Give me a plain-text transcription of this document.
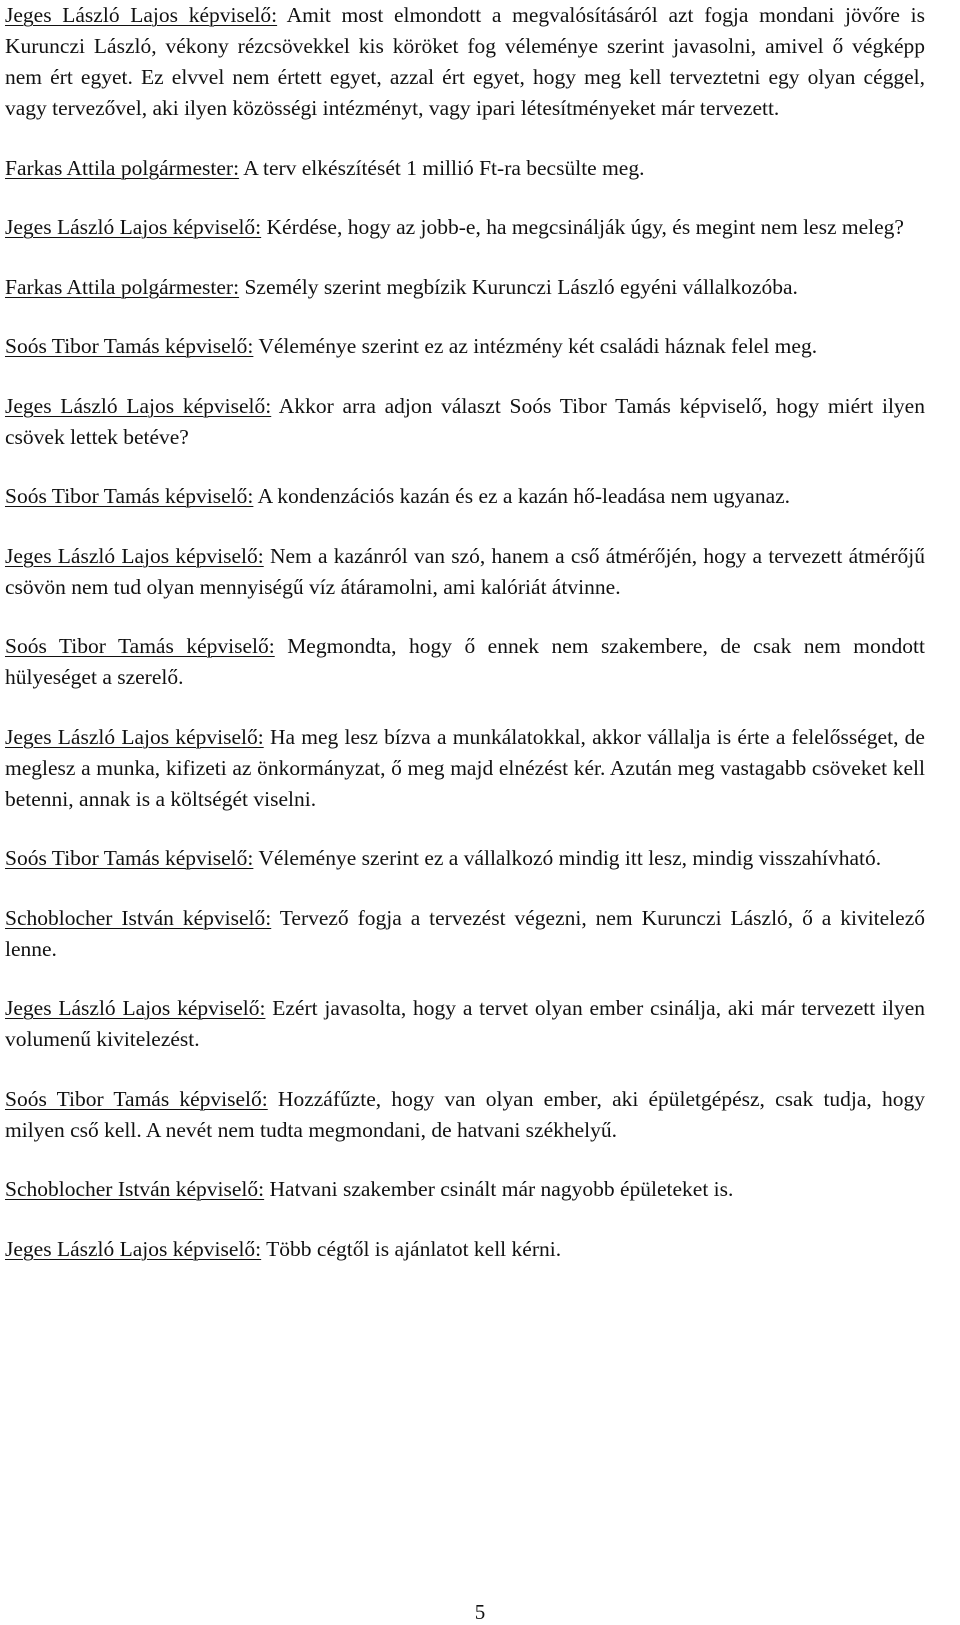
Jeges László Lajos képviselő: Amit most elmondott a megvalósításáról azt fogja mondani jövőre is Kurunczi László, vékony rézcsövekkel kis köröket fog véleménye szerint javasolni, amivel ő végképp nem ért egyet. Ez elvvel nem értett egyet, azzal ért egyet, hogy meg kell terveztetni egy olyan céggel, vagy tervezővel, aki ilyen közösségi intézményt, vagy ipari létesítményeket már tervezett.

Farkas Attila polgármester: A terv elkészítését 1 millió Ft-ra becsülte meg.

Jeges László Lajos képviselő: Kérdése, hogy az jobb-e, ha megcsinálják úgy, és megint nem lesz meleg?

Farkas Attila polgármester: Személy szerint megbízik Kurunczi László egyéni vállalkozóba.

Soós Tibor Tamás képviselő: Véleménye szerint ez az intézmény két családi háznak felel meg.

Jeges László Lajos képviselő: Akkor arra adjon választ Soós Tibor Tamás képviselő, hogy miért ilyen csövek lettek betéve?

Soós Tibor Tamás képviselő: A kondenzációs kazán és ez a kazán hő-leadása nem ugyanaz.

Jeges László Lajos képviselő: Nem a kazánról van szó, hanem a cső átmérőjén, hogy a tervezett átmérőjű csövön nem tud olyan mennyiségű víz átáramolni, ami kalóriát átvinne.

Soós Tibor Tamás képviselő: Megmondta, hogy ő ennek nem szakembere, de csak nem mondott hülyeséget a szerelő.

Jeges László Lajos képviselő: Ha meg lesz bízva a munkálatokkal, akkor vállalja is érte a felelősséget, de meglesz a munka, kifizeti az önkormányzat, ő meg majd elnézést kér. Azután meg vastagabb csöveket kell betenni, annak is a költségét viselni.

Soós Tibor Tamás képviselő: Véleménye szerint ez a vállalkozó mindig itt lesz, mindig visszahívható.

Schoblocher István képviselő: Tervező fogja a tervezést végezni, nem Kurunczi László, ő a kivitelező lenne.

Jeges László Lajos képviselő: Ezért javasolta, hogy a tervet olyan ember csinálja, aki már tervezett ilyen volumenű kivitelezést.

Soós Tibor Tamás képviselő: Hozzáfűzte, hogy van olyan ember, aki épületgépész, csak tudja, hogy milyen cső kell. A nevét nem tudta megmondani, de hatvani székhelyű.

Schoblocher István képviselő: Hatvani szakember csinált már nagyobb épületeket is.

Jeges László Lajos képviselő: Több cégtől is ajánlatot kell kérni.

5
